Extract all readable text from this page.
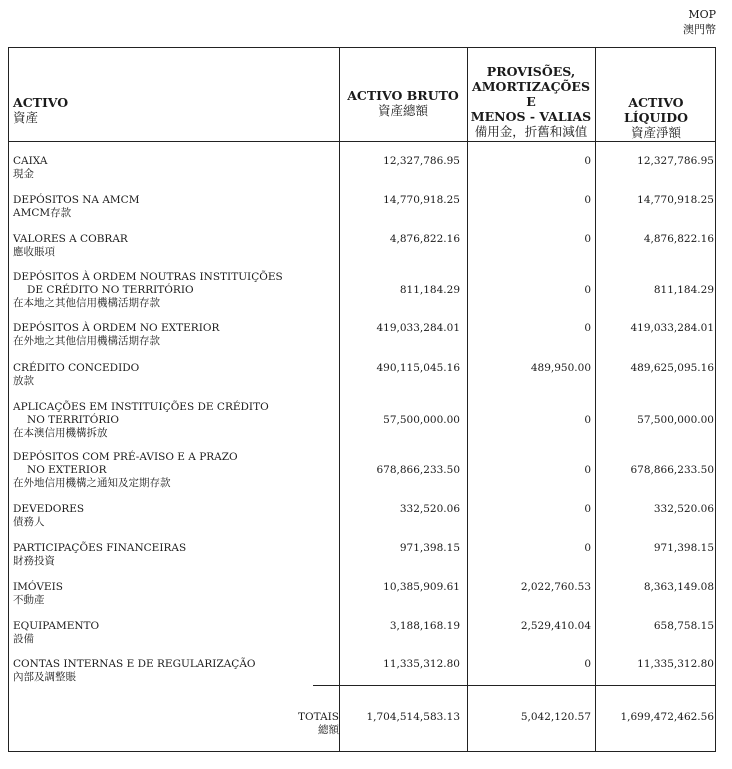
MOP
澳門幣
ACTIVO
資產
ACTIVO BRUTO
資產總額
PROVISÕES,
AMORTIZAÇÕES E
MENOS - VALIAS
備用金，折舊和減值
ACTIVO LÍQUIDO
資產淨額
CAIXA
現金
12,327,786.95	0	12,327,786.95
DEPÓSITOS NA AMCM
AMCM存款
14,770,918.25	0	14,770,918.25
VALORES A COBRAR
應收賬項
4,876,822.16	0	4,876,822.16
DEPÓSITOS À ORDEM NOUTRAS INSTITUIÇÕES
DE CRÉDITO NO TERRITÓRIO
在本地之其他信用機構活期存款
811,184.29	0	811,184.29
DEPÓSITOS À ORDEM NO EXTERIOR
在外地之其他信用機構活期存款
419,033,284.01	0	419,033,284.01
CRÉDITO CONCEDIDO
放款
490,115,045.16	489,950.00	489,625,095.16
APLICAÇÕES EM INSTITUIÇÕES DE CRÉDITO
NO TERRITÓRIO
在本澳信用機構拆放
57,500,000.00	0	57,500,000.00
DEPÓSITOS COM PRÉ-AVISO E A PRAZO
NO EXTERIOR
在外地信用機構之通知及定期存款
678,866,233.50	0	678,866,233.50
DEVEDORES
債務人
332,520.06	0	332,520.06
PARTICIPAÇÕES FINANCEIRAS
財務投資
971,398.15	0	971,398.15
IMÓVEIS
不動產
10,385,909.61	2,022,760.53	8,363,149.08
EQUIPAMENTO
設備
3,188,168.19	2,529,410.04	658,758.15
CONTAS INTERNAS E DE REGULARIZAÇÃO
內部及調整賬
11,335,312.80	0	11,335,312.80
TOTAIS
總額
1,704,514,583.13	5,042,120.57	1,699,472,462.56
